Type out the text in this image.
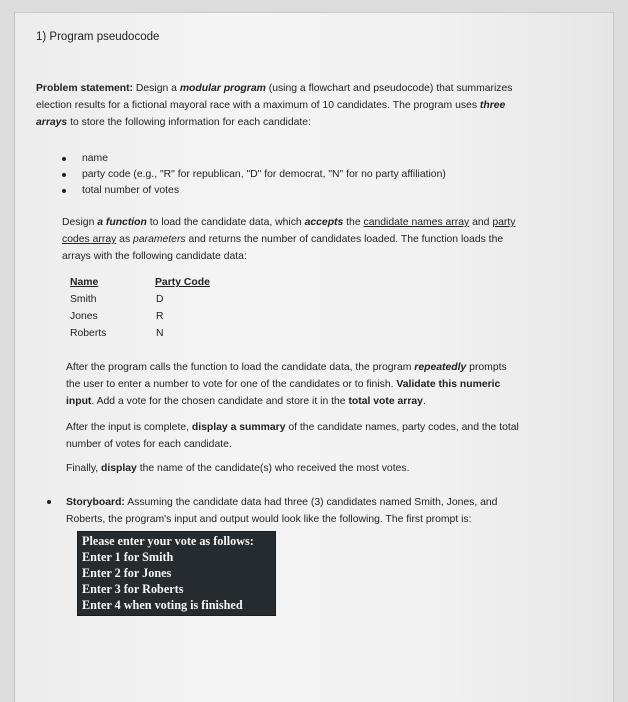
1) Program pseudocode
Problem statement: Design a modular program (using a flowchart and pseudocode) that summarizes
election results for a fictional mayoral race with a maximum of 10 candidates. The program uses three
arrays to store the following information for each candidate:
name
party code (e.g., "R" for republican, "D" for democrat, "N" for no party affiliation)
total number of votes
Design a function to load the candidate data, which accepts the candidate names array and party
codes array as parameters and returns the number of candidates loaded. The function loads the
arrays with the following candidate data:
Name	Party Code
Smith	D
Jones	R
Roberts	N
After the program calls the function to load the candidate data, the program repeatedly prompts
the user to enter a number to vote for one of the candidates or to finish. Validate this numeric
input. Add a vote for the chosen candidate and store it in the total vote array.
After the input is complete, display a summary of the candidate names, party codes, and the total
number of votes for each candidate.
Finally, display the name of the candidate(s) who received the most votes.
Storyboard: Assuming the candidate data had three (3) candidates named Smith, Jones, and
Roberts, the program's input and output would look like the following. The first prompt is:
Please enter your vote as follows:
Enter 1 for Smith
Enter 2 for Jones
Enter 3 for Roberts
Enter 4 when voting is finished
